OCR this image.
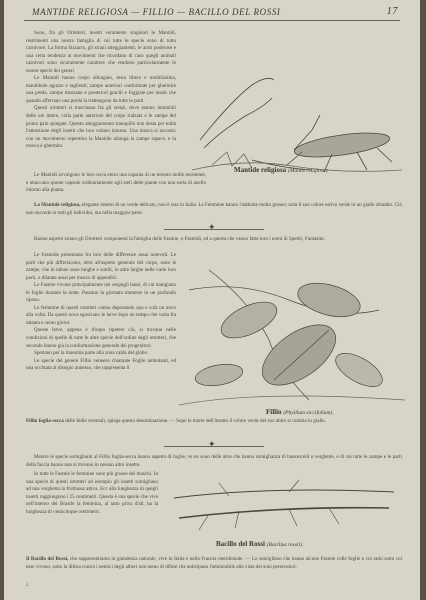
MANTIDE RELIGIOSA — FILLIO — BACILLO DEL ROSSI	17

Sono, fra gli Ortotteri, insetti veramente singolari le Mantidi, restrimenti una nostra famiglia di cui tutte le specie sono di tutto carnivore. La forma bizzarra, gli strani atteggiamenti, le armi poderose e una certa tendenza ai movimenti che ricordano di caso quegli animali carnivori sono sicuramente carattere che rendono particolarmente le nostre specie dei generi

Le Mantidi hanno corpo allungato, testa libera e mobilissima, mandibole aguzze e taglienti; zampe anteriori conformate per ghermire una preda, zampe mezzane e posteriori gracili e foggiate per modo che quando afferrano una preda la trattengono da tutte le parti.

Questi ortotteri si trascinano fra gli sterpi, dove stanno immobili delle ore intere, colla parte anteriore del corpo rialzata e le zampe del primo paio spiegate. Questo atteggiamento tranquillo non desta per nulla l'attenzione degli insetti che loro volano intorno. Una mosca si accosta: con un movimento repentino la Mantide allunga la zampe rapace, e la mosca è ghermita.

Mantide religiosa (Mantis religiosa)

Le Mantidi avvolgono le loro uova entro una capsula di un tessuto molle resistente, e attaccano queste capsule ordinariamente agli steli delle piante con una sorta di anello intorno alla pianta.

La Mantide religiosa, elegante insetto di un verde delicato, non è rara in Italia. Le Femmine hanno l'addome molto grosso; nota il suo colore estivo verde in un giallo sbiadito. Ciò non succede in tutti gli individui, ma nella maggior parte.

✦

Hanno aspetto strano gli Ortotteri componenti la famiglia delle Fasmie, o Fasmidi, ed a questa che vanno fatte loro i nomi di Spettri, Fantasmi.

Le Fasmide presentano fra loro delle differenze assai notevoli. Le parti che più differiscono, oltre all'aspetto generale del corpo, sono le zampe, che in talune sono lunghe e sottili, in altre larghe nelle varie loro parti, o dilatate assai per mezzo di appendici.

Le Fasmie vivono principalmente nei cespugli bassi, di cui mangiano le foglie durante la notte. Passano la giornata immerse in un profondo riposo.

Le femmine di questi ortotteri vanno deponendo qua e colà un uovo alla volta. Da questi uova sgusciano le larve dopo un tempo che varia fra ottanta e cento giorni.

Queste larve, appena è d'uopo ripetere ciò, si trovano nelle condizioni di quelle di tutte le altre specie dell'ordine degli ortotteri, che secondo hanno già la conformazione generale dei progenitori.

Spettano per la massima parte alla zona calda del globo.

Le specie del genere Fillio vennero chiamate Foglie ambulanti, ed una occhiata al disegno annesso, che rappresenta il

Fillio (Phyllium siccifolium).

Fillio foglia-secca delle Indie orientali, spiega questa denominazione. — Sopo le morte dell'insetto il colore verde del suo abito si cambia in giallo.

✦

Mentre le specie somiglianti al Fillio foglia-secca hanno aspetto di foglie, ve ne sono delle altre che hanno somiglianza di bastoncelli o verghette, e di cui tutte le zampe e le parti della faccia hanno non si trovano in nessun altro insetto.

In tutte le Fasmie le femmine sono più grosse dei maschi. In una specie di questi ortotteri ad esempio gli insetti somigliano ad una verghetta in fruttuosa attiva. Ecc alla lunghezza di quegli insetti raggiungono i 25 centimetri. Questa è una specie che vive nell'interno del Brasile la femmina, al tatto priva d'ali, ha la lunghezza di venticinque centimetri.

Bacillo del Rossi (Bacillus rossii).

Il Bacillo del Rossi, che rappresentiamo in grandezza naturale, vive in Italia e nella Francia meridionale. — Lo somigliano che hanno alcune Fasmie colle foglie o coi rami sotto cui esse vivono, sotto la difesa contro i nemici degli alberi non meno di difese che anticipano l'ammirabile alla vista dei suoi persecutori.

2
